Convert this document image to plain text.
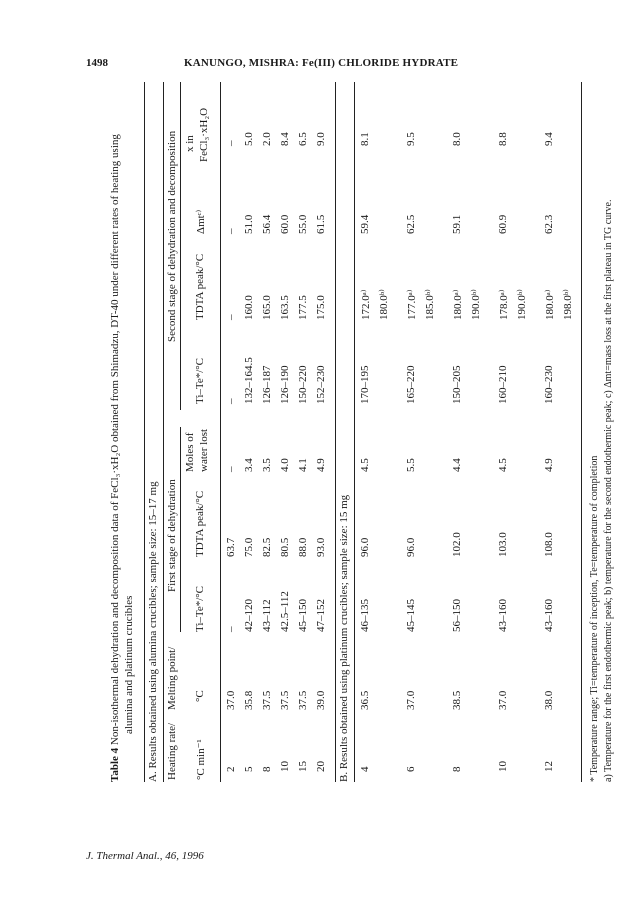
1498	KANUNGO, MISHRA: Fe(III) CHLORIDE HYDRATE
Table 4 Non-isothermal dehydration and decomposition data of FeCl₃·xH₂O obtained from Shimadzu, DT-40 under different rates of heating using alumina and platinum crucibles A. Results obtained using alumina crucibles; sample size: 15–17 mg Heating rate/
Melting point/
First stage of dehydration
Second stage of dehydration and decomposition
°C min⁻¹
°C
Ti–Te*/°C
TDTA peak/°C
Moles of water lost
Ti–Te*/°C
TDTA peak/°C
Δmtᶜ⁾
x in FeCl₃·xH₂O
2
37.0
–
63.7
–
–
–
–
–
5
35.8
42–120
75.0
3.4
132–164.5
160.0
51.0
5.0
8
37.5
43–112
82.5
3.5
126–187
165.0
56.4
2.0
10
37.5
42.5–112
80.5
4.0
126–190
163.5
60.0
8.4
15
37.5
45–150
88.0
4.1
150–220
177.5
55.0
6.5
20
39.0
47–152
93.0
4.9
152–230
175.0
61.5
9.0
B. Results obtained using platinum crucibles; sample size: 15 mg 4
36.5
46–135
96.0
4.5
170–195
172.0ᵃ⁾ 180.0ᵇ⁾
59.4
8.1
6
37.0
45–145
96.0
5.5
165–220
177.0ᵃ⁾ 185.0ᵇ⁾
62.5
9.5
8
38.5
56–150
102.0
4.4
150–205
180.0ᵃ⁾ 190.0ᵇ⁾
59.1
8.0
10
37.0
43–160
103.0
4.5
160–210
178.0ᵃ⁾ 190.0ᵇ⁾
60.9
8.8
12
38.0
43–160
108.0
4.9
160–230
180.0ᵃ⁾ 198.0ᵇ⁾
62.3
9.4
* Temperature range; Ti=temperature of inception, Te=temperature of completion a) Temperature for the first endothermic peak; b) temperature for the second endothermic peak; c) Δmt=mass loss at the first plateau in TG curve.
J. Thermal Anal., 46, 1996
